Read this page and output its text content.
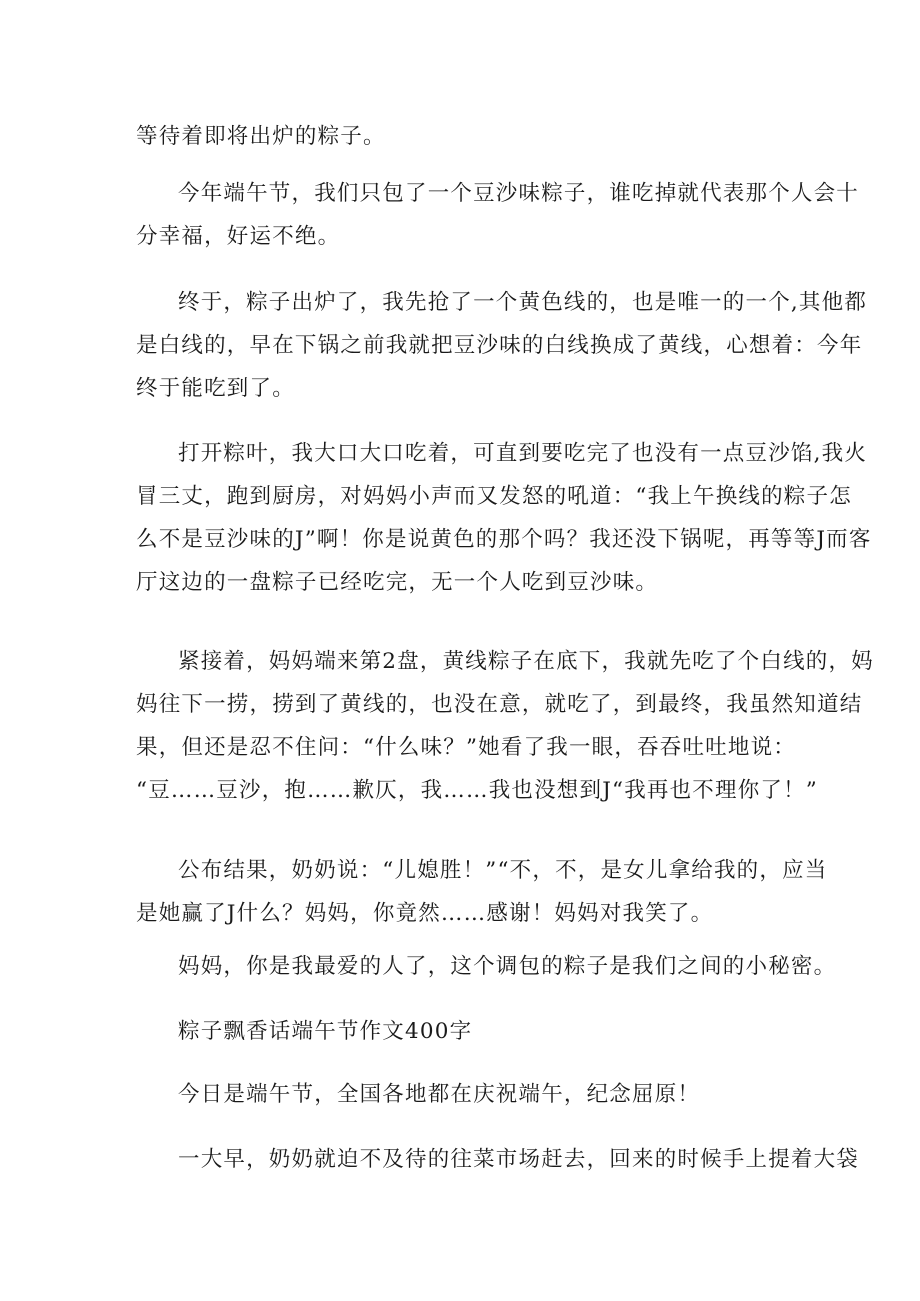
等待着即将出炉的粽子。
今年端午节，我们只包了一个豆沙味粽子，谁吃掉就代表那个人会十
分幸福，好运不绝。
终于，粽子出炉了，我先抢了一个黄色线的，也是唯一的一个,其他都
是白线的，早在下锅之前我就把豆沙味的白线换成了黄线，心想着：今年
终于能吃到了。
打开粽叶，我大口大口吃着，可直到要吃完了也没有一点豆沙馅,我火
冒三丈，跑到厨房，对妈妈小声而又发怒的吼道：“我上午换线的粽子怎
么不是豆沙味的J”啊！你是说黄色的那个吗？我还没下锅呢，再等等J而客
厅这边的一盘粽子已经吃完，无一个人吃到豆沙味。
紧接着，妈妈端来第2盘，黄线粽子在底下，我就先吃了个白线的，妈
妈往下一捞，捞到了黄线的，也没在意，就吃了，到最终，我虽然知道结
果，但还是忍不住问：“什么味？”她看了我一眼，吞吞吐吐地说：
“豆……豆沙，抱……歉仄，我……我也没想到J“我再也不理你了！”
公布结果，奶奶说：“儿媳胜！”“不，不，是女儿拿给我的，应当
是她赢了J什么？妈妈，你竟然……感谢！妈妈对我笑了。
妈妈，你是我最爱的人了，这个调包的粽子是我们之间的小秘密。
粽子飘香话端午节作文400字
今日是端午节，全国各地都在庆祝端午，纪念屈原！
一大早，奶奶就迫不及待的往菜市场赶去，回来的时候手上提着大袋
